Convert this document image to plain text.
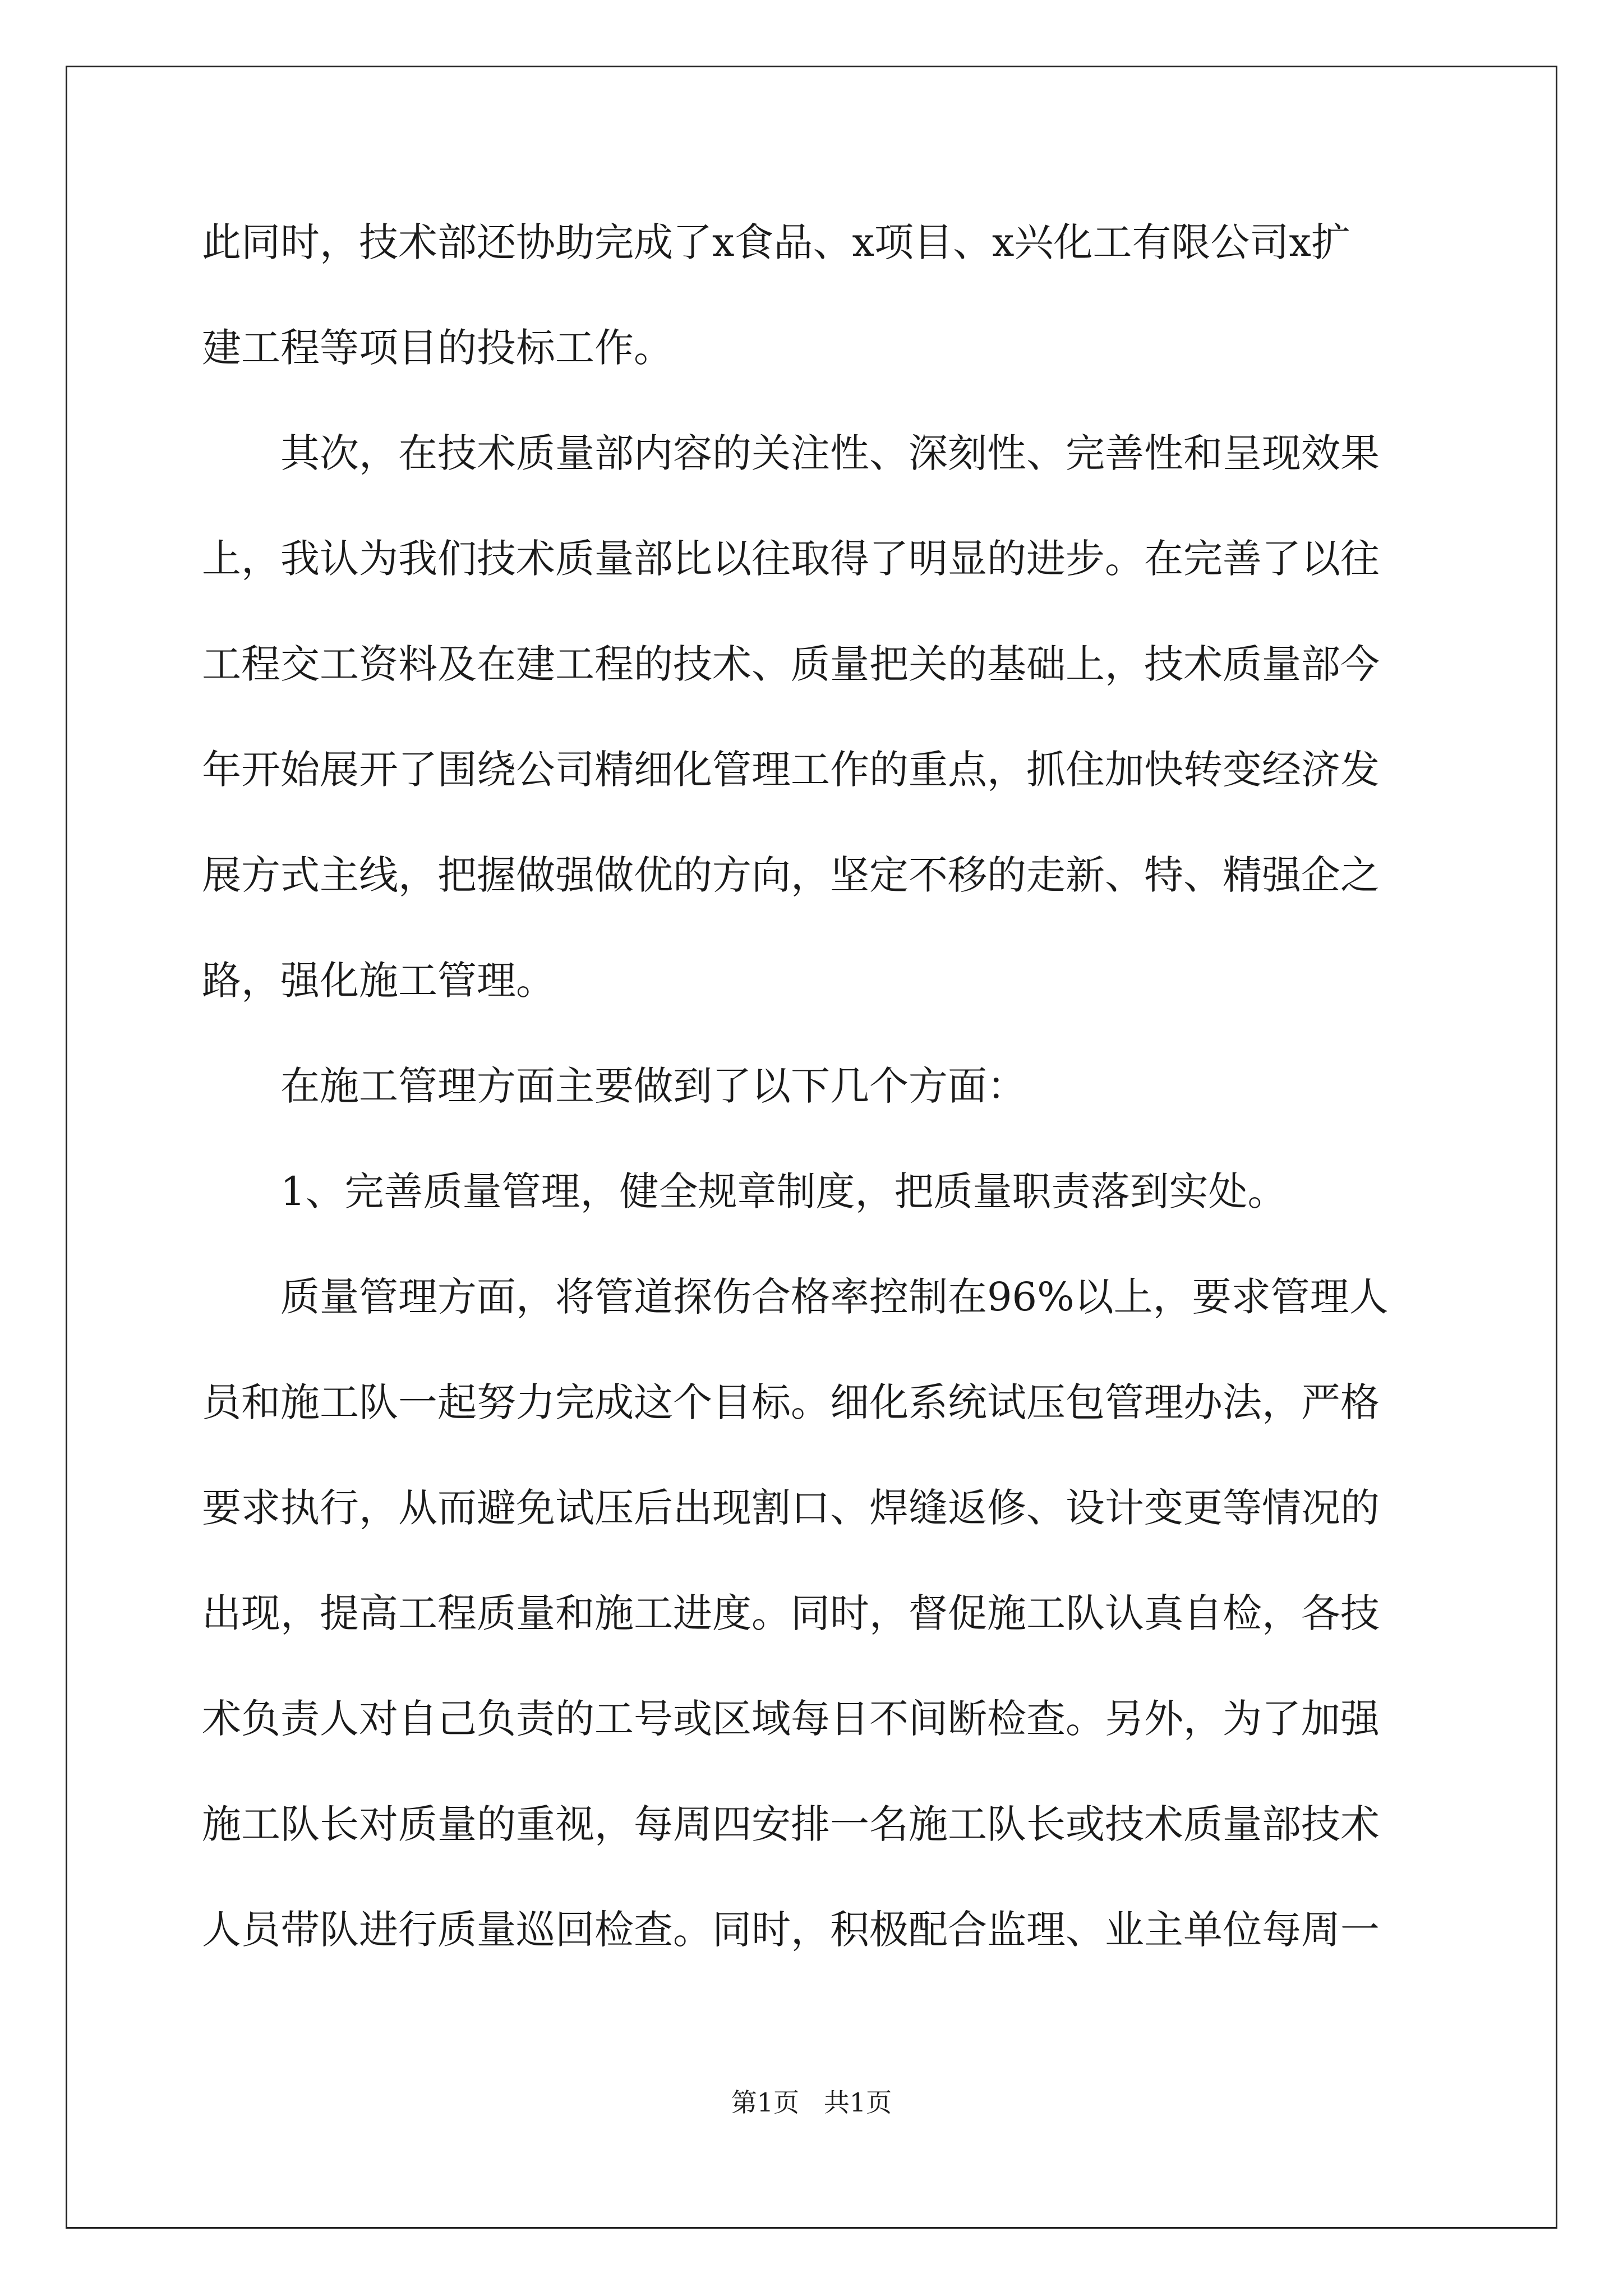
此同时，技术部还协助完成了x食品、x项目、x兴化工有限公司x扩
建工程等项目的投标工作。
其次，在技术质量部内容的关注性、深刻性、完善性和呈现效果
上，我认为我们技术质量部比以往取得了明显的进步。在完善了以往
工程交工资料及在建工程的技术、质量把关的基础上，技术质量部今
年开始展开了围绕公司精细化管理工作的重点，抓住加快转变经济发
展方式主线，把握做强做优的方向，坚定不移的走新、特、精强企之
路，强化施工管理。
在施工管理方面主要做到了以下几个方面：
1、完善质量管理，健全规章制度，把质量职责落到实处。
质量管理方面，将管道探伤合格率控制在96%以上，要求管理人
员和施工队一起努力完成这个目标。细化系统试压包管理办法，严格
要求执行，从而避免试压后出现割口、焊缝返修、设计变更等情况的
出现，提高工程质量和施工进度。同时，督促施工队认真自检，各技
术负责人对自己负责的工号或区域每日不间断检查。另外，为了加强
施工队长对质量的重视，每周四安排一名施工队长或技术质量部技术
人员带队进行质量巡回检查。同时，积极配合监理、业主单位每周一
第1页   共1页
